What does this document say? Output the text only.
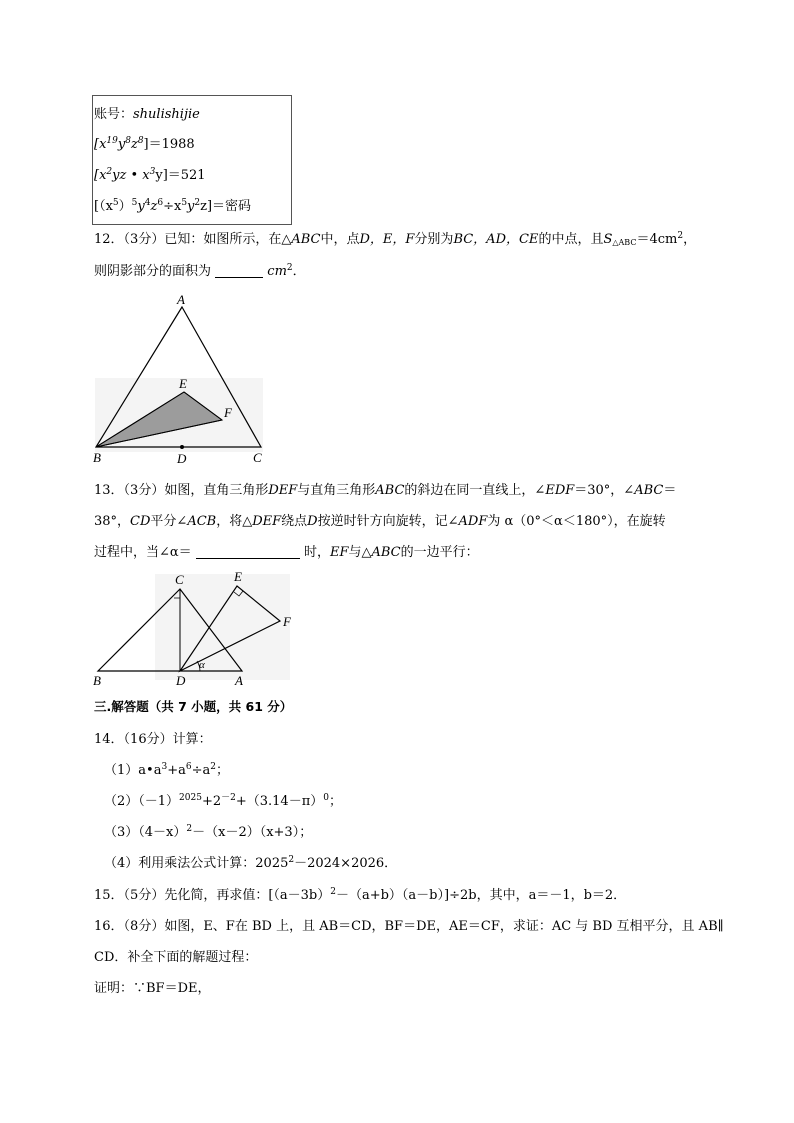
账号：shulishijie
$[x^{19}y^8z^8]=1988$
[$x^2yz$ • $x^3y]=521$
$[(x^5)^5y^4z^6\div x^5y^2z]=$密码
12．（3分）已知：如图所示，在△ABC中，点D，E，F分别为BC，AD，CE的中点，且$S_{\triangle ABC}=4cm^2$，
则阴影部分的面积为	$cm^2$．
A
B	C
D
E
F
13．（3分）如图，直角三角形DEF与直角三角形ABC的斜边在同一直线上，∠EDF＝30°，∠ABC＝
38°，CD平分∠ACB，将△DEF绕点D按逆时针方向旋转，记∠ADF为 α（0°＜α＜180°），在旋转
过程中，当∠α＝	时，EF与△ABC的一边平行：
C	E
F
B	D	A
α
三.解答题（共 7 小题，共 61 分）
14．（16分）计算：
$(1)a•a^3+a^6\div a^2$；
$(2)(-1)^{2025}+2^{-2}+(3.14-\pi)^0$；
$(3)(4-x)^2-(x-2)(x+3)$；
（4）利用乘法公式计算：$2025^2-2024\times 2026$．
15．（5分）先化简，再求值：$[(a-3b)^2-(a+b)(a-b)]\div 2b$，其中，a＝－1，b＝2．
16．（8分）如图，E、F在 BD 上，且 AB＝CD，BF＝DE，AE＝CF，求证：AC 与 BD 互相平分，且 AB∥
CD．补全下面的解题过程：
证明：∵BF＝DE，
